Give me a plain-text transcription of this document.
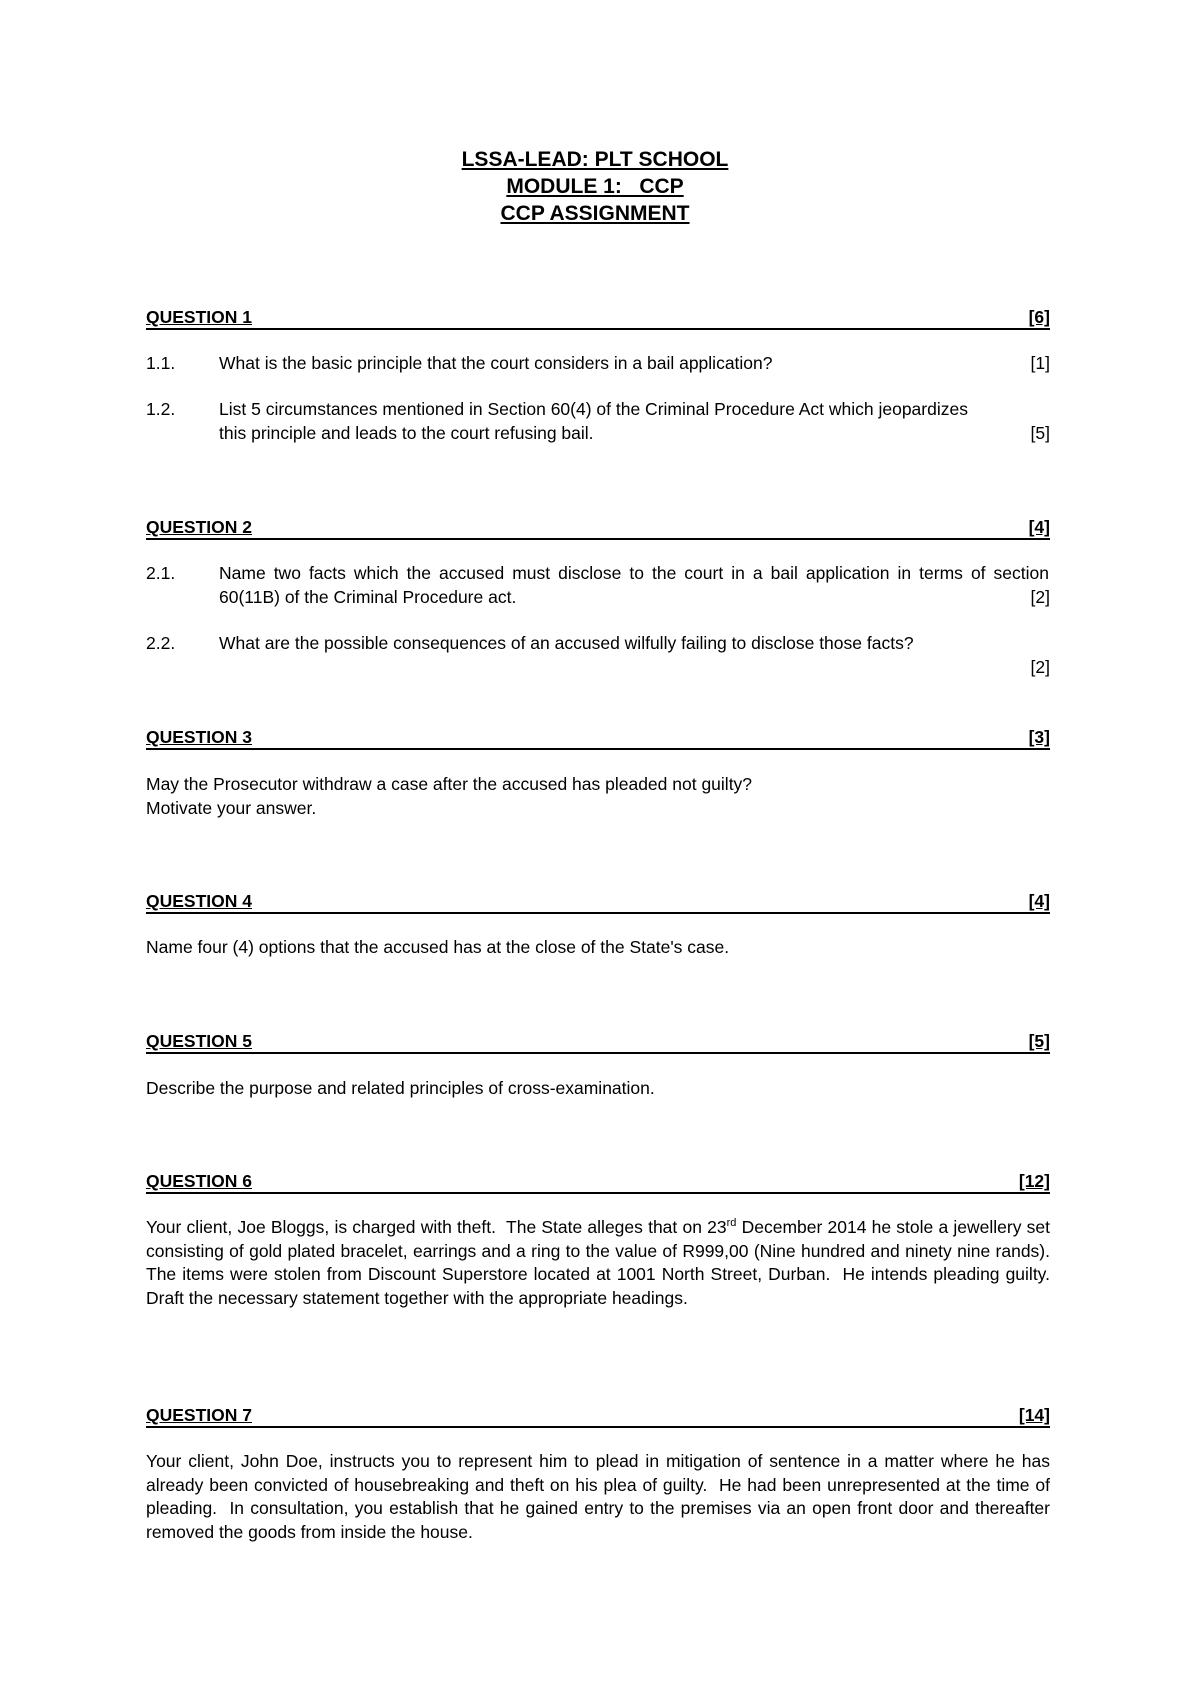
LSSA-LEAD: PLT SCHOOL
MODULE 1:   CCP
CCP ASSIGNMENT
QUESTION 1	[6]
1.1.	What is the basic principle that the court considers in a bail application?	[1]
1.2.	List 5 circumstances mentioned in Section 60(4) of the Criminal Procedure Act which jeopardizes this principle and leads to the court refusing bail.	[5]
QUESTION 2	[4]
2.1.	Name two facts which the accused must disclose to the court in a bail application in terms of section 60(11B) of the Criminal Procedure act.	[2]
2.2.	What are the possible consequences of an accused wilfully failing to disclose those facts?
[2]
QUESTION 3	[3]
May the Prosecutor withdraw a case after the accused has pleaded not guilty?
Motivate your answer.
QUESTION 4	[4]
Name four (4) options that the accused has at the close of the State's case.
QUESTION 5	[5]
Describe the purpose and related principles of cross-examination.
QUESTION 6	[12]
Your client, Joe Bloggs, is charged with theft.  The State alleges that on 23rd December 2014 he stole a jewellery set consisting of gold plated bracelet, earrings and a ring to the value of R999,00 (Nine hundred and ninety nine rands). The items were stolen from Discount Superstore located at 1001 North Street, Durban.  He intends pleading guilty.  Draft the necessary statement together with the appropriate headings.
QUESTION 7	[14]
Your client, John Doe, instructs you to represent him to plead in mitigation of sentence in a matter where he has already been convicted of housebreaking and theft on his plea of guilty.  He had been unrepresented at the time of pleading.  In consultation, you establish that he gained entry to the premises via an open front door and thereafter removed the goods from inside the house.
